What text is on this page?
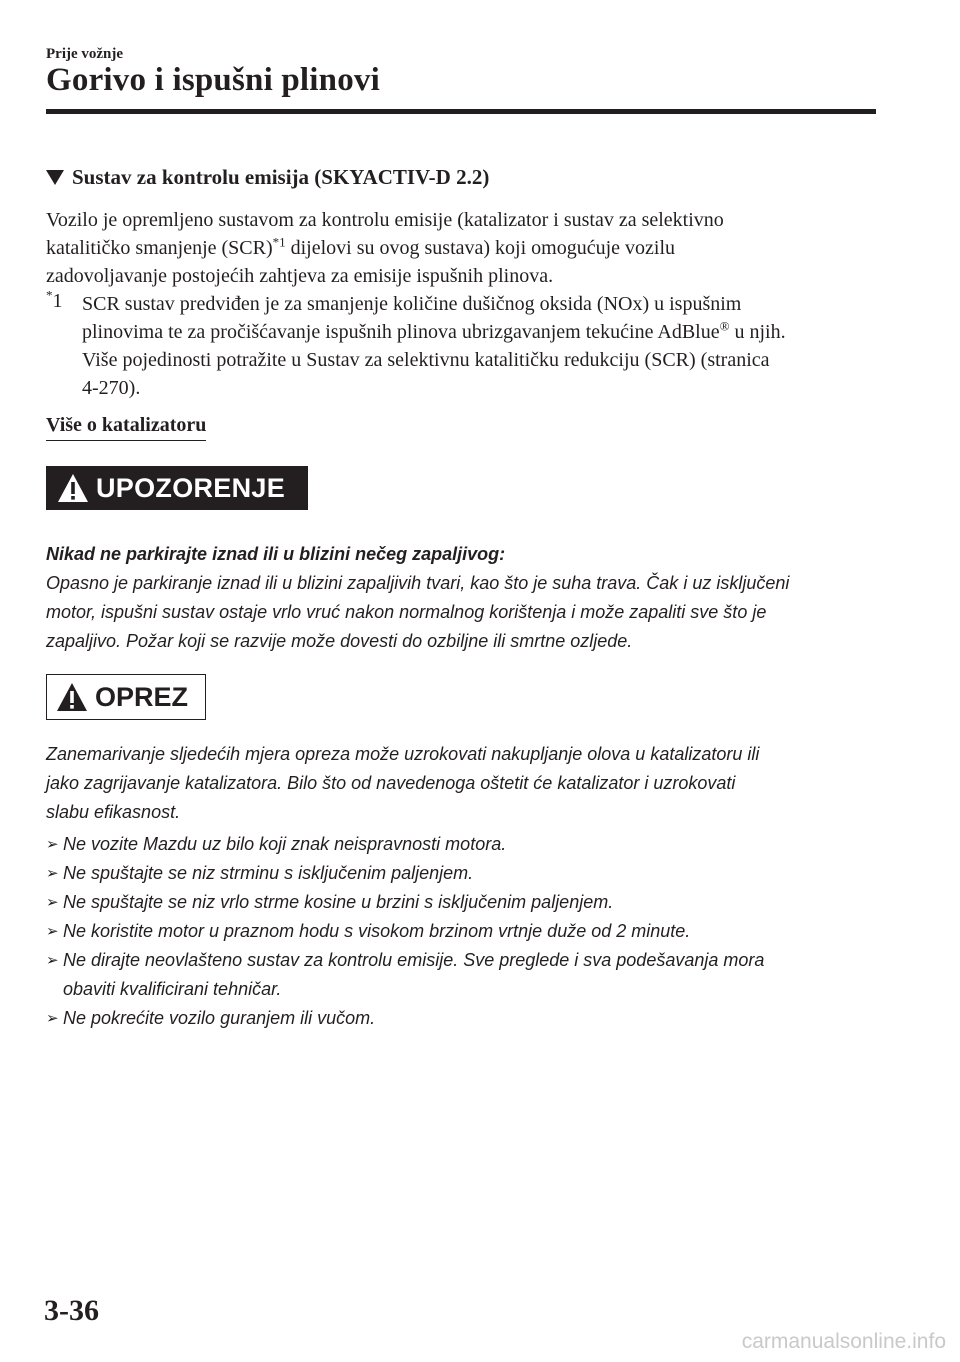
Prije vožnje
Gorivo i ispušni plinovi
Sustav za kontrolu emisija (SKYACTIV-D 2.2)
Vozilo je opremljeno sustavom za kontrolu emisije (katalizator i sustav za selektivno
katalitičko smanjenje (SCR)$^{*1}$ dijelovi su ovog sustava) koji omogućuje vozilu
zadovoljavanje postojećih zahtjeva za emisije ispušnih plinova.
*1 SCR sustav predviđen je za smanjenje količine dušičnog oksida (NOx) u ispušnim
plinovima te za pročišćavanje ispušnih plinova ubrizgavanjem tekućine AdBlue® u njih.
Više pojedinosti potražite u Sustav za selektivnu katalitičku redukciju (SCR) (stranica
4-270).
Više o katalizatoru
UPOZORENJE
Nikad ne parkirajte iznad ili u blizini nečeg zapaljivog:
Opasno je parkiranje iznad ili u blizini zapaljivih tvari, kao što je suha trava. Čak i uz isključeni
motor, ispušni sustav ostaje vrlo vruć nakon normalnog korištenja i može zapaliti sve što je
zapaljivo. Požar koji se razvije može dovesti do ozbiljne ili smrtne ozljede.
OPREZ
Zanemarivanje sljedećih mjera opreza može uzrokovati nakupljanje olova u katalizatoru ili
jako zagrijavanje katalizatora. Bilo što od navedenoga oštetit će katalizator i uzrokovati
slabu efikasnost.
➢ Ne vozite Mazdu uz bilo koji znak neispravnosti motora.
➢ Ne spuštajte se niz strminu s isključenim paljenjem.
➢ Ne spuštajte se niz vrlo strme kosine u brzini s isključenim paljenjem.
➢ Ne koristite motor u praznom hodu s visokom brzinom vrtnje duže od 2 minute.
➢ Ne dirajte neovlašteno sustav za kontrolu emisije. Sve preglede i sva podešavanja mora
obaviti kvalificirani tehničar.
➢ Ne pokrećite vozilo guranjem ili vučom.
3-36
carmanualsonline.info
